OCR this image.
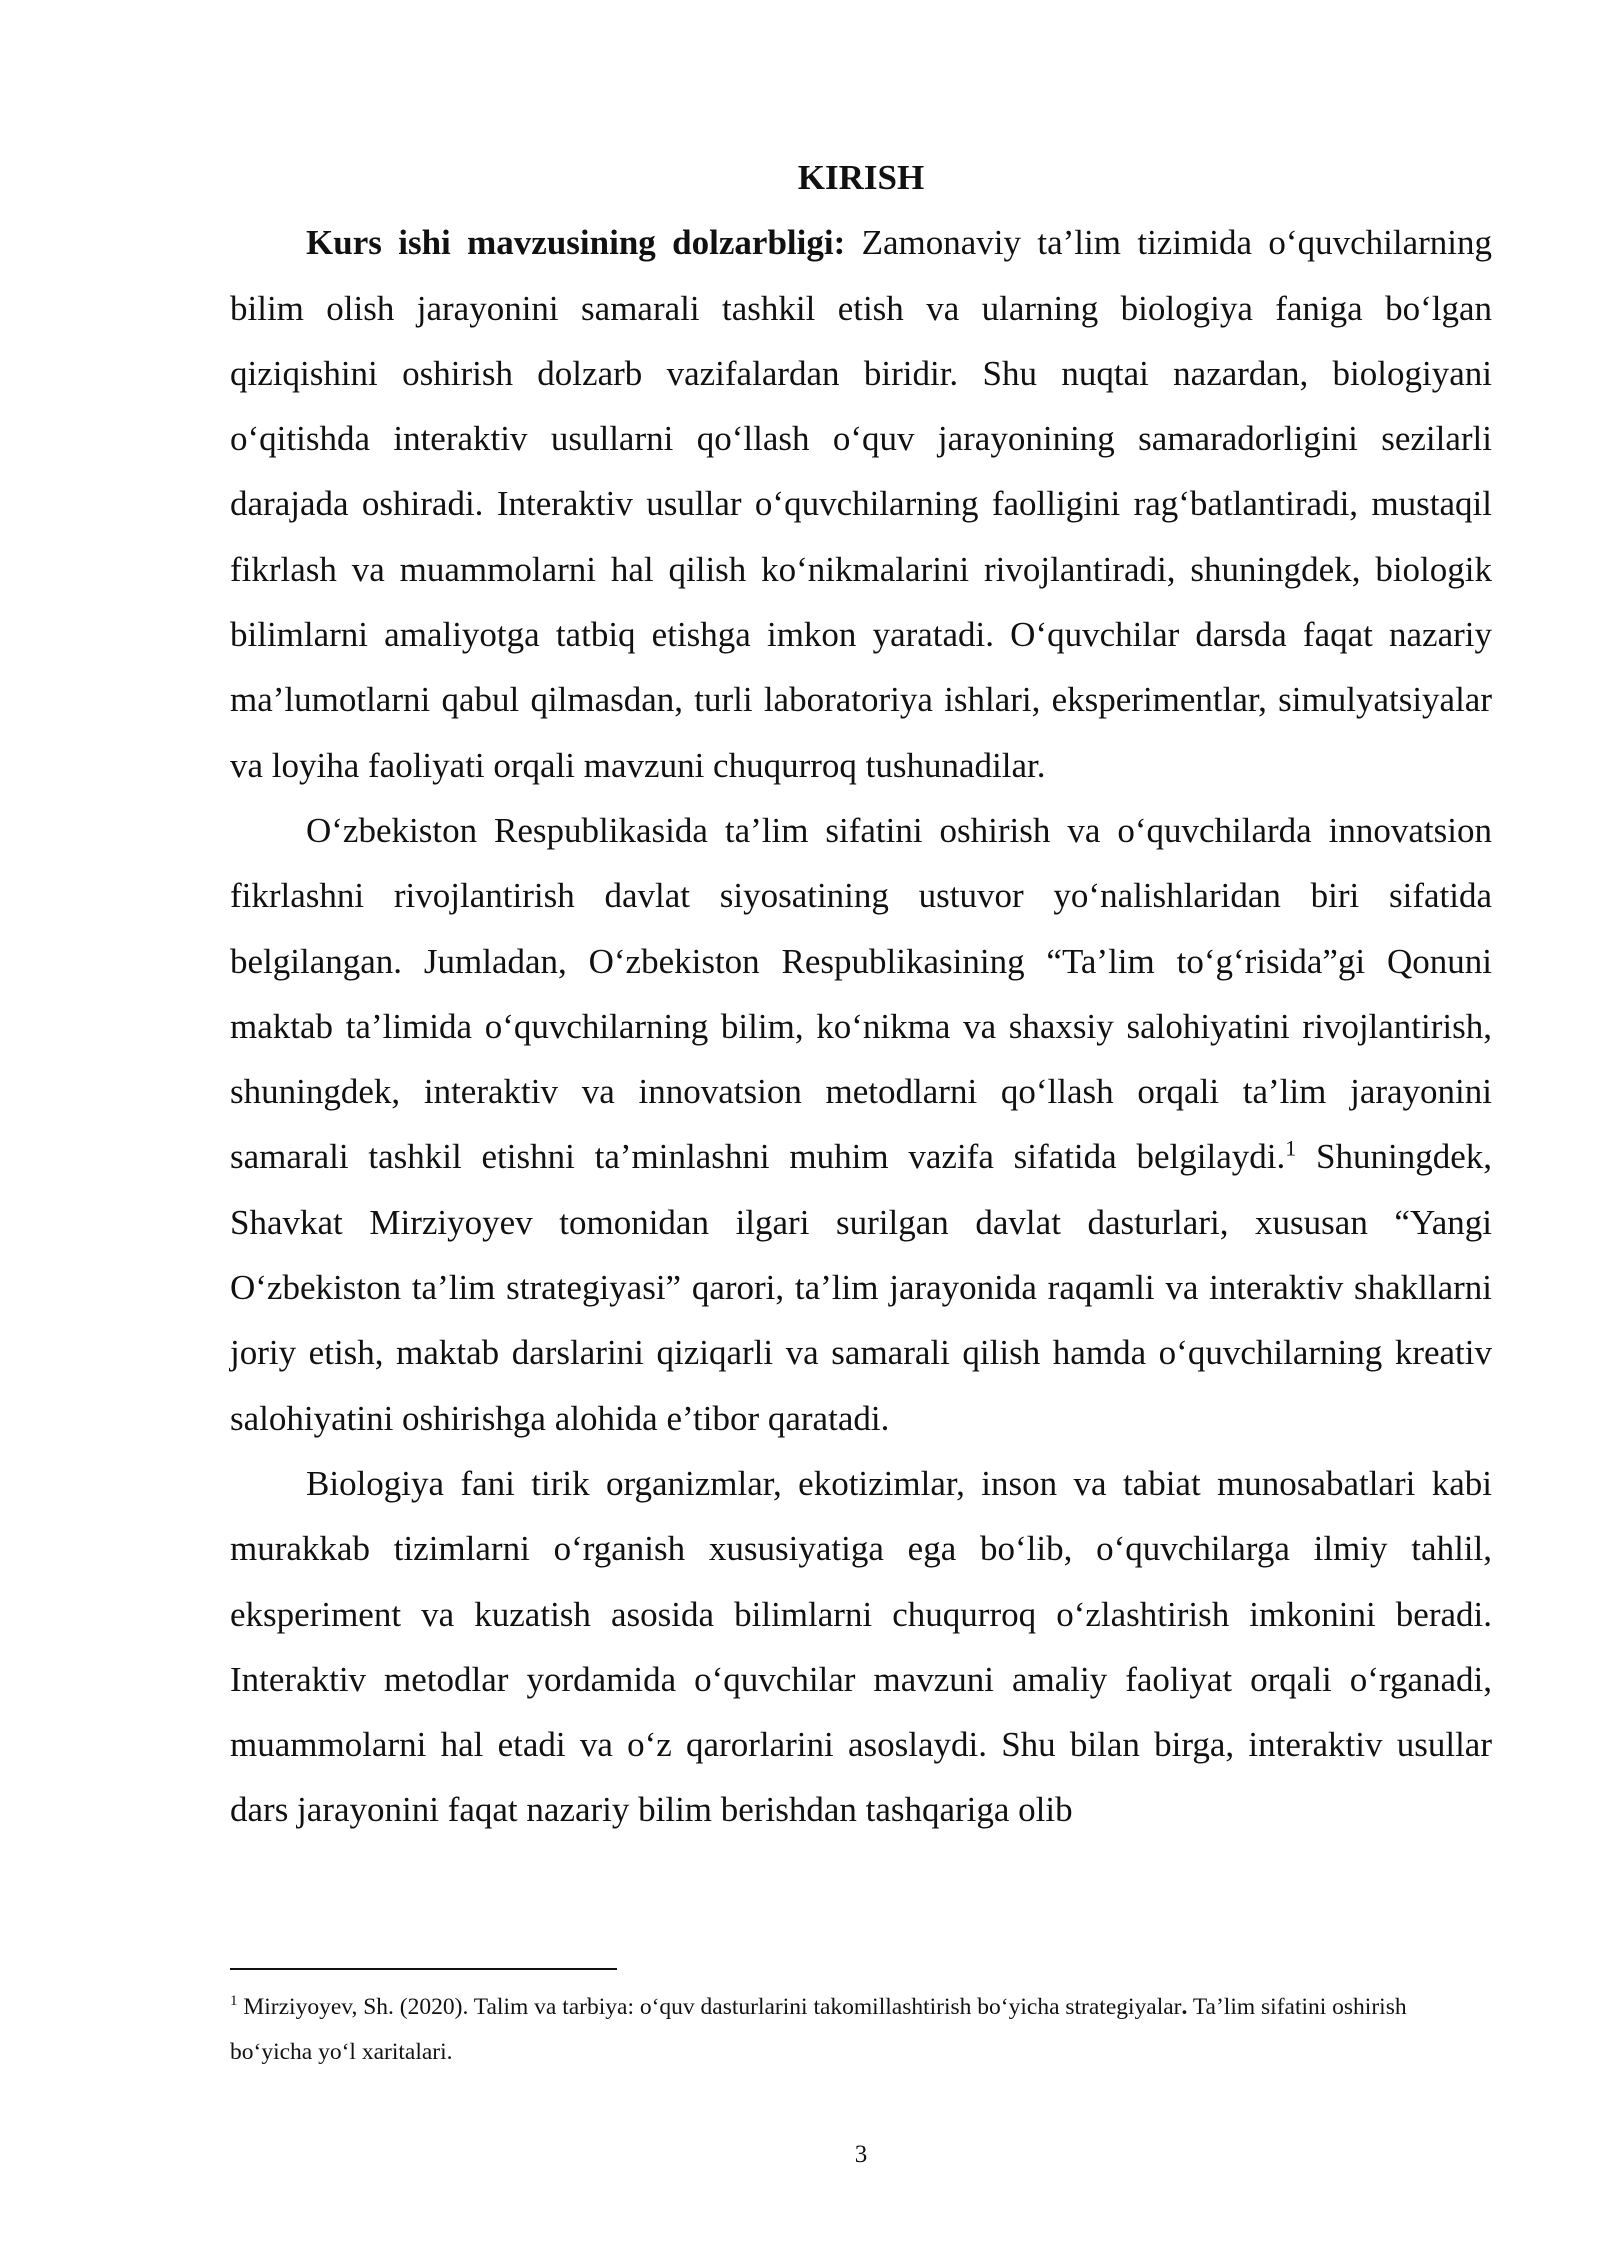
KIRISH

Kurs ishi mavzusining dolzarbligi: Zamonaviy ta’lim tizimida o‘quvchilarning bilim olish jarayonini samarali tashkil etish va ularning biologiya faniga bo‘lgan qiziqishini oshirish dolzarb vazifalardan biridir. Shu nuqtai nazardan, biologiyani o‘qitishda interaktiv usullarni qo‘llash o‘quv jarayonining samaradorligini sezilarli darajada oshiradi. Interaktiv usullar o‘quvchilarning faolligini rag‘batlantiradi, mustaqil fikrlash va muammolarni hal qilish ko‘nikmalarini rivojlantiradi, shuningdek, biologik bilimlarni amaliyotga tatbiq etishga imkon yaratadi. O‘quvchilar darsda faqat nazariy ma’lumotlarni qabul qilmasdan, turli laboratoriya ishlari, eksperimentlar, simulyatsiyalar va loyiha faoliyati orqali mavzuni chuqurroq tushunadilar.

O‘zbekiston Respublikasida ta’lim sifatini oshirish va o‘quvchilarda innovatsion fikrlashni rivojlantirish davlat siyosatining ustuvor yo‘nalishlaridan biri sifatida belgilangan. Jumladan, O‘zbekiston Respublikasining “Ta’lim to‘g‘risida”gi Qonuni maktab ta’limida o‘quvchilarning bilim, ko‘nikma va shaxsiy salohiyatini rivojlantirish, shuningdek, interaktiv va innovatsion metodlarni qo‘llash orqali ta’lim jarayonini samarali tashkil etishni ta’minlashni muhim vazifa sifatida belgilaydi.$^1$ Shuningdek, Shavkat Mirziyoyev tomonidan ilgari surilgan davlat dasturlari, xususan “Yangi O‘zbekiston ta’lim strategiyasi” qarori, ta’lim jarayonida raqamli va interaktiv shakllarni joriy etish, maktab darslarini qiziqarli va samarali qilish hamda o‘quvchilarning kreativ salohiyatini oshirishga alohida e’tibor qaratadi.

Biologiya fani tirik organizmlar, ekotizimlar, inson va tabiat munosabatlari kabi murakkab tizimlarni o‘rganish xususiyatiga ega bo‘lib, o‘quvchilarga ilmiy tahlil, eksperiment va kuzatish asosida bilimlarni chuqurroq o‘zlashtirish imkonini beradi. Interaktiv metodlar yordamida o‘quvchilar mavzuni amaliy faoliyat orqali o‘rganadi, muammolarni hal etadi va o‘z qarorlarini asoslaydi. Shu bilan birga, interaktiv usullar dars jarayonini faqat nazariy bilim berishdan tashqariga olib

$^1$ Mirziyoyev, Sh. (2020). Talim va tarbiya: o‘quv dasturlarini takomillashtirish bo‘yicha strategiyalar. Ta’lim sifatini oshirish bo‘yicha yo‘l xaritalari.
3
